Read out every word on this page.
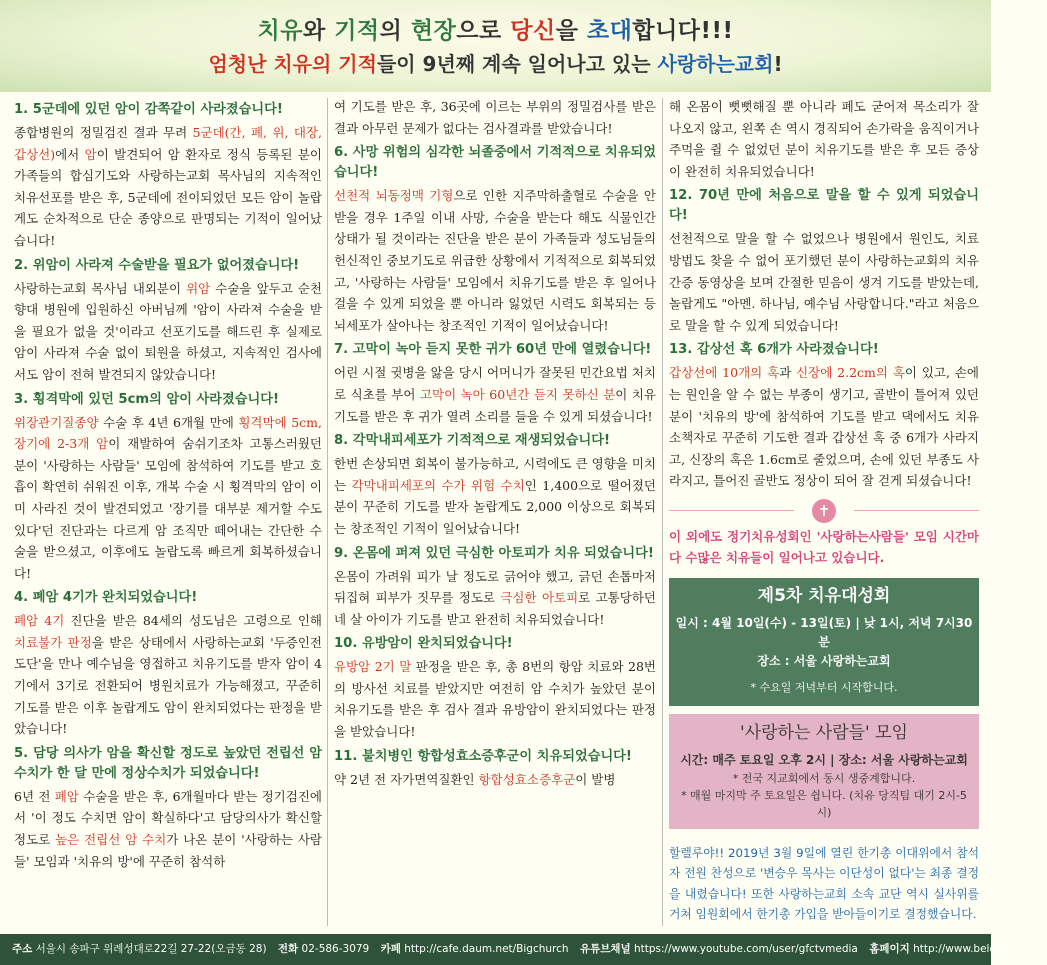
치유와 기적의 현장으로 당신을 초대합니다!!!
엄청난 치유의 기적들이 9년째 계속 일어나고 있는 사랑하는교회!
1. 5군데에 있던 암이 감쪽같이 사라졌습니다!
종합병원의 정밀검진 결과 무려 5군데(간, 폐, 위, 대장, 갑상선)에서 암이 발견되어 암 환자로 정식 등록된 분이 가족들의 합심기도와 사랑하는교회 목사님의 지속적인 치유선포를 받은 후, 5군데에 전이되었던 모든 암이 놀랍게도 순차적으로 단순 종양으로 판명되는 기적이 일어났습니다!
2. 위암이 사라져 수술받을 필요가 없어졌습니다!
사랑하는교회 목사님 내외분이 위암 수술을 앞두고 순천향대 병원에 입원하신 아버님께 '암이 사라져 수술을 받을 필요가 없을 것'이라고 선포기도를 해드린 후 실제로 암이 사라져 수술 없이 퇴원을 하셨고, 지속적인 검사에서도 암이 전혀 발견되지 않았습니다!
3. 횡격막에 있던 5cm의 암이 사라졌습니다!
위장관기질종양 수술 후 4년 6개월 만에 횡격막에 5cm, 장기에 2-3개 암이 재발하여 숨쉬기조차 고통스러웠던 분이 '사랑하는 사람들' 모임에 참석하여 기도를 받고 호흡이 확연히 쉬워진 이후, 개복 수술 시 횡격막의 암이 이미 사라진 것이 발견되었고 '장기를 대부분 제거할 수도 있다'던 진단과는 다르게 암 조직만 떼어내는 간단한 수술을 받으셨고, 이후에도 놀랍도록 빠르게 회복하셨습니다!
4. 폐암 4기가 완치되었습니다!
폐암 4기 진단을 받은 84세의 성도님은 고령으로 인해 치료불가 판정을 받은 상태에서 사랑하는교회 '두증인전도단'을 만나 예수님을 영접하고 치유기도를 받자 암이 4기에서 3기로 전환되어 병원치료가 가능해졌고, 꾸준히 기도를 받은 이후 놀랍게도 암이 완치되었다는 판정을 받았습니다!
5. 담당 의사가 암을 확신할 정도로 높았던 전립선 암 수치가 한 달 만에 정상수치가 되었습니다!
6년 전 폐암 수술을 받은 후, 6개월마다 받는 정기검진에서 '이 정도 수치면 암이 확실하다'고 담당의사가 확신할 정도로 높은 전립선 암 수치가 나온 분이 '사랑하는 사람들' 모임과 '치유의 방'에 꾸준히 참석하
여 기도를 받은 후, 36곳에 이르는 부위의 정밀검사를 받은 결과 아무런 문제가 없다는 검사결과를 받았습니다!
6. 사망 위험의 심각한 뇌졸중에서 기적적으로 치유되었습니다!
선천적 뇌동정맥 기형으로 인한 지주막하출혈로 수술을 안 받을 경우 1주일 이내 사망, 수술을 받는다 해도 식물인간 상태가 될 것이라는 진단을 받은 분이 가족들과 성도님들의 헌신적인 중보기도로 위급한 상황에서 기적적으로 회복되었고, '사랑하는 사람들' 모임에서 치유기도를 받은 후 일어나 걸을 수 있게 되었을 뿐 아니라 잃었던 시력도 회복되는 등 뇌세포가 살아나는 창조적인 기적이 일어났습니다!
7. 고막이 녹아 듣지 못한 귀가 60년 만에 열렸습니다!
어린 시절 귓병을 앓을 당시 어머니가 잘못된 민간요법 처치로 식초를 부어 고막이 녹아 60년간 듣지 못하신 분이 치유기도를 받은 후 귀가 열려 소리를 들을 수 있게 되셨습니다!
8. 각막내피세포가 기적적으로 재생되었습니다!
한번 손상되면 회복이 불가능하고, 시력에도 큰 영향을 미치는 각막내피세포의 수가 위험 수치인 1,400으로 떨어졌던 분이 꾸준히 기도를 받자 놀랍게도 2,000 이상으로 회복되는 창조적인 기적이 일어났습니다!
9. 온몸에 퍼져 있던 극심한 아토피가 치유 되었습니다!
온몸이 가려워 피가 날 정도로 긁어야 했고, 긁던 손톱마저 뒤집혀 피부가 짓무를 정도로 극심한 아토피로 고통당하던 네 살 아이가 기도를 받고 완전히 치유되었습니다!
10. 유방암이 완치되었습니다!
유방암 2기 말 판정을 받은 후, 총 8번의 항암 치료와 28번의 방사선 치료를 받았지만 여전히 암 수치가 높았던 분이 치유기도를 받은 후 검사 결과 유방암이 완치되었다는 판정을 받았습니다!
11. 불치병인 항합성효소증후군이 치유되었습니다!
약 2년 전 자가면역질환인 항합성효소증후군이 발병
해 온몸이 뻣뻣해질 뿐 아니라 폐도 굳어져 목소리가 잘 나오지 않고, 왼쪽 손 역시 경직되어 손가락을 움직이거나 주먹을 쥘 수 없었던 분이 치유기도를 받은 후 모든 증상이 완전히 치유되었습니다!
12. 70년 만에 처음으로 말을 할 수 있게 되었습니다!
선천적으로 말을 할 수 없었으나 병원에서 원인도, 치료 방법도 찾을 수 없어 포기했던 분이 사랑하는교회의 치유간증 동영상을 보며 간절한 믿음이 생겨 기도를 받았는데, 놀랍게도 "아멘. 하나님, 예수님 사랑합니다."라고 처음으로 말을 할 수 있게 되었습니다!
13. 갑상선 혹 6개가 사라졌습니다!
갑상선에 10개의 혹과 신장에 2.2cm의 혹이 있고, 손에는 원인을 알 수 없는 부종이 생기고, 골반이 틀어져 있던 분이 '치유의 방'에 참석하여 기도를 받고 댁에서도 치유 소책자로 꾸준히 기도한 결과 갑상선 혹 중 6개가 사라지고, 신장의 혹은 1.6cm로 줄었으며, 손에 있던 부종도 사라지고, 틀어진 골반도 정상이 되어 잘 걷게 되셨습니다!
✝
이 외에도 정기치유성회인 '사랑하는사람들' 모임 시간마다 수많은 치유들이 일어나고 있습니다.
제5차 치유대성회
일시 : 4월 10일(수) - 13일(토) | 낮 1시, 저녁 7시30분
장소 : 서울 사랑하는교회
* 수요일 저녁부터 시작합니다.
'사랑하는 사람들' 모임
시간: 매주 토요일 오후 2시 | 장소: 서울 사랑하는교회
* 전국 지교회에서 동시 생중계합니다.
* 매월 마지막 주 토요일은 쉽니다. (치유 당직팀 대기 2시-5시)
할렐루야!! 2019년 3월 9일에 열린 한기총 이대위에서 참석자 전원 찬성으로 '변승우 목사는 이단성이 없다'는 최종 결정을 내렸습니다! 또한 사랑하는교회 소속 교단 역시 실사위를 거쳐 임원회에서 한기총 가입을 받아들이기로 결정했습니다.
주소 서울시 송파구 위례성대로22길 27-22(오금동 28) 전화 02-586-3079 카페 http://cafe.daum.net/Bigchurch 유튜브채널 https://www.youtube.com/user/gfctvmedia 홈페이지 http://www.belovedc.com
